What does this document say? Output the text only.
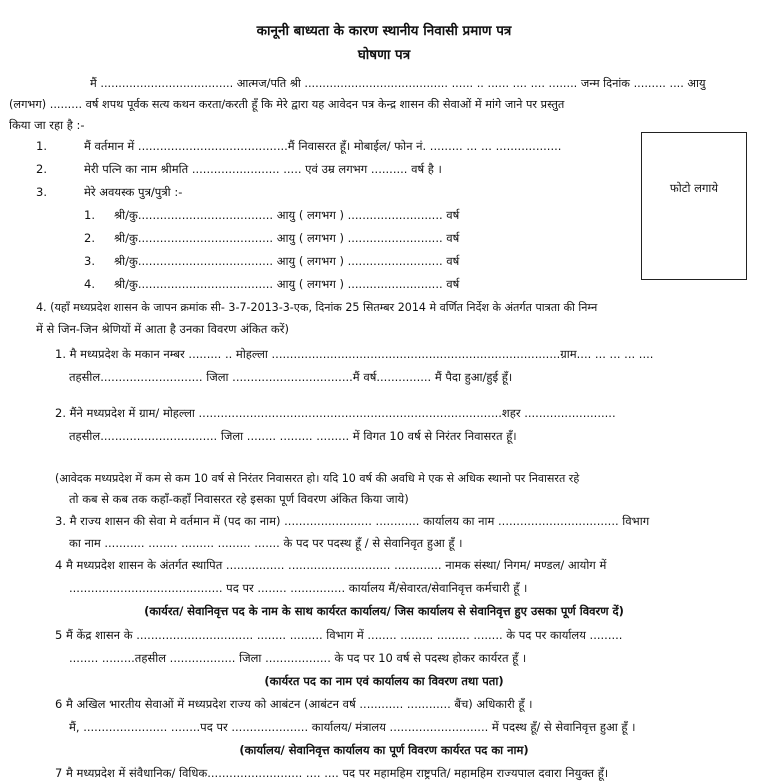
कानूनी बाध्यता के कारण स्थानीय निवासी प्रमाण पत्र
घोषणा पत्र
मैं ..................................... आत्मज/पति श्री ........................................ ...... .. ...... .... .... ........ जन्म दिनांक ......... .... आयु
(लगभग) ......... वर्ष शपथ पूर्वक सत्य कथन करता/करती हूँ कि मेरे द्वारा यह आवेदन पत्र केन्द्र शासन की सेवाओं में मांगे जाने पर प्रस्तुत
किया जा रहा है :-
1.	मैं वर्तमान में .........................................मैं निवासरत हूँ। मोबाईल/ फोन नं. ......... ... ... ..................
2.	मेरी पत्नि का नाम श्रीमति ........................ ..... एवं उम्र लगभग .......... वर्ष है ।
3.	मेरे अवयस्क पुत्र/पुत्री :-
1. श्री/कु..................................... आयु ( लगभग ) .......................... वर्ष
2. श्री/कु..................................... आयु ( लगभग ) .......................... वर्ष
3. श्री/कु..................................... आयु ( लगभग ) .......................... वर्ष
4. श्री/कु..................................... आयु ( लगभग ) .......................... वर्ष
फोटो लगाये
4. (यहाँ मध्यप्रदेश शासन के जापन क्रमांक सी- 3-7-2013-3-एक, दिनांक 25 सितम्बर 2014 मे वर्णित निर्देश के अंतर्गत पात्रता की निम्न
में से जिन-जिन श्रेणियों में आता है उनका विवरण अंकित करें)
1. मै मध्यप्रदेश के मकान नम्बर ......... .. मोहल्ला ...............................................................................ग्राम.... ... ... ... ....
तहसील............................ जिला .................................मैं वर्ष............... मैं पैदा हुआ/हुई हूँ।
2. मैंने मध्यप्रदेश में ग्राम/ मोहल्ला ...................................................................................शहर .........................
तहसील................................ जिला ........ ......... ......... में विगत 10 वर्ष से निरंतर निवासरत हूँ।
(आवेदक मध्यप्रदेश में कम से कम 10 वर्ष से निरंतर निवासरत हो। यदि 10 वर्ष की अवधि मे एक से अधिक स्थानो पर निवासरत रहे
तो कब से कब तक कहाँ-कहाँ निवासरत रहे इसका पूर्ण विवरण अंकित किया जाये)
3. मै राज्य शासन की सेवा मे वर्तमान में (पद का नाम) ........................ ............ कार्यालय का नाम ................................. विभाग
का नाम ........... ........ ......... ......... ....... के पद पर पदस्थ हूँ / से सेवानिवृत हुआ हूँ ।
4 मै मध्यप्रदेश शासन के अंतर्गत स्थापित ................ ............................ ............. नामक संस्था/ निगम/ मण्डल/ आयोग में
.......................................... पद पर ........ ............... कार्यालय मैं/सेवारत/सेवानिवृत्त कर्मचारी हूँ ।
(कार्यरत/ सेवानिवृत्त पद के नाम के साथ कार्यरत कार्यालय/ जिस कार्यालय से सेवानिवृत्त हुए उसका पूर्ण विवरण दें)
5 मैं केंद्र शासन के ................................ ........ ......... विभाग में ........ ......... ......... ........ के पद पर कार्यालय .........
........ .........तहसील .................. जिला .................. के पद पर 10 वर्ष से पदस्थ होकर कार्यरत हूँ ।
(कार्यरत पद का नाम एवं कार्यालय का विवरण तथा पता)
6 मै अखिल भारतीय सेवाओं में मध्यप्रदेश राज्य को आबंटन (आबंटन वर्ष ............ ............ बैंच) अधिकारी हूँ ।
मैं, ....................... ........पद पर ..................... कार्यालय/ मंत्रालय ........................... में पदस्थ हूँ/ से सेवानिवृत्त हुआ हूँ ।
(कार्यालय/ सेवानिवृत्त कार्यालय का पूर्ण विवरण कार्यरत पद का नाम)
7 मै मध्यप्रदेश में संवैधानिक/ विधिक.......................... .... .... पद पर महामहिम राष्ट्रपति/ महामहिम राज्यपाल दवारा नियुक्त हूँ।
